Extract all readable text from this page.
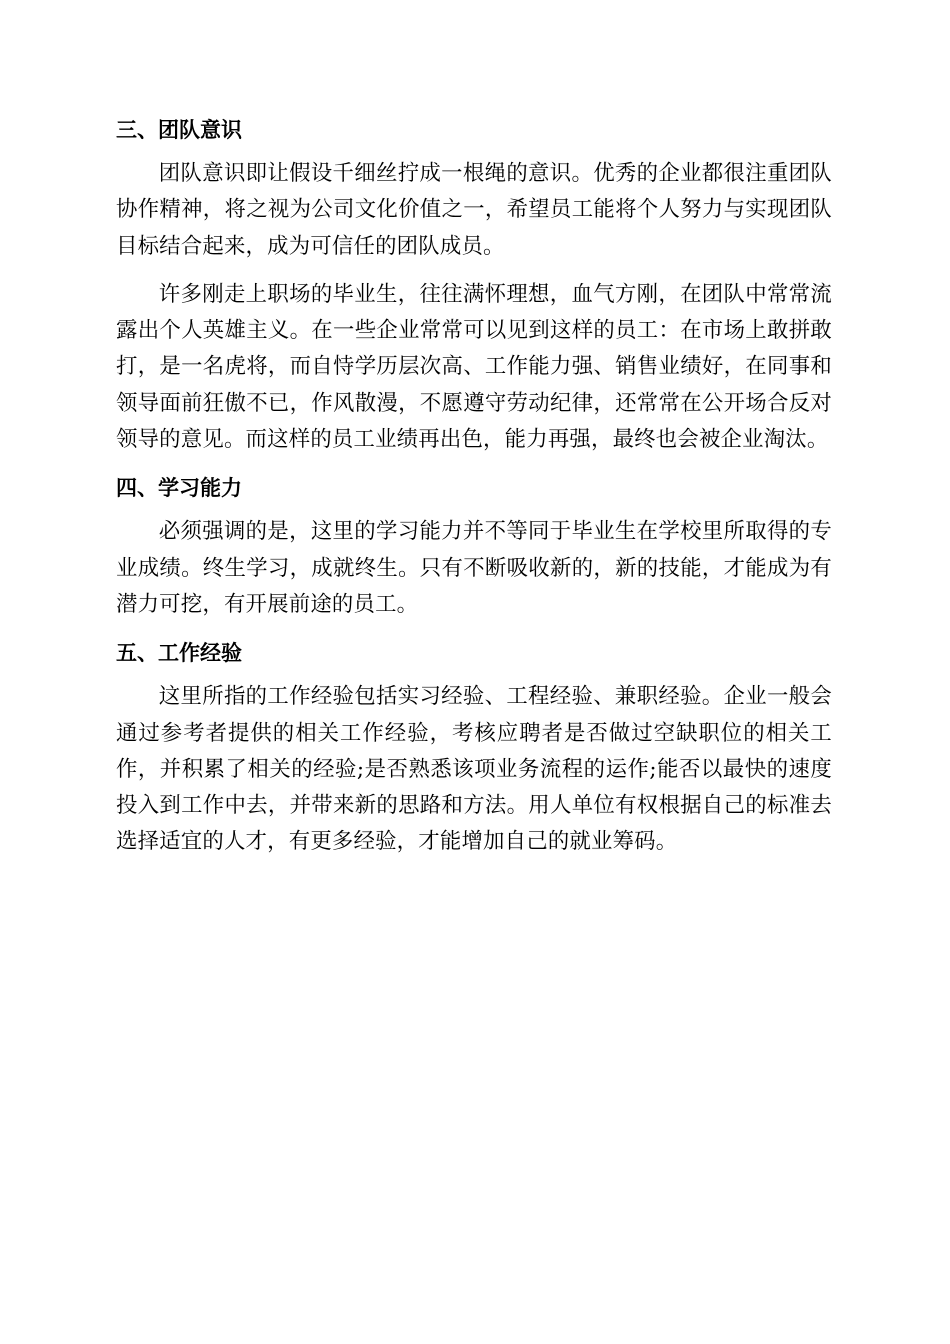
三、团队意识

团队意识即让假设千细丝拧成一根绳的意识。优秀的企业都很注重团队协作精神，将之视为公司文化价值之一，希望员工能将个人努力与实现团队目标结合起来，成为可信任的团队成员。

许多刚走上职场的毕业生，往往满怀理想，血气方刚，在团队中常常流露出个人英雄主义。在一些企业常常可以见到这样的员工：在市场上敢拼敢打，是一名虎将，而自恃学历层次高、工作能力强、销售业绩好，在同事和领导面前狂傲不已，作风散漫，不愿遵守劳动纪律，还常常在公开场合反对领导的意见。而这样的员工业绩再出色，能力再强，最终也会被企业淘汰。

四、学习能力

必须强调的是，这里的学习能力并不等同于毕业生在学校里所取得的专业成绩。终生学习，成就终生。只有不断吸收新的，新的技能，才能成为有潜力可挖，有开展前途的员工。

五、工作经验

这里所指的工作经验包括实习经验、工程经验、兼职经验。企业一般会通过参考者提供的相关工作经验，考核应聘者是否做过空缺职位的相关工作，并积累了相关的经验;是否熟悉该项业务流程的运作;能否以最快的速度投入到工作中去，并带来新的思路和方法。用人单位有权根据自己的标准去选择适宜的人才，有更多经验，才能增加自己的就业筹码。
